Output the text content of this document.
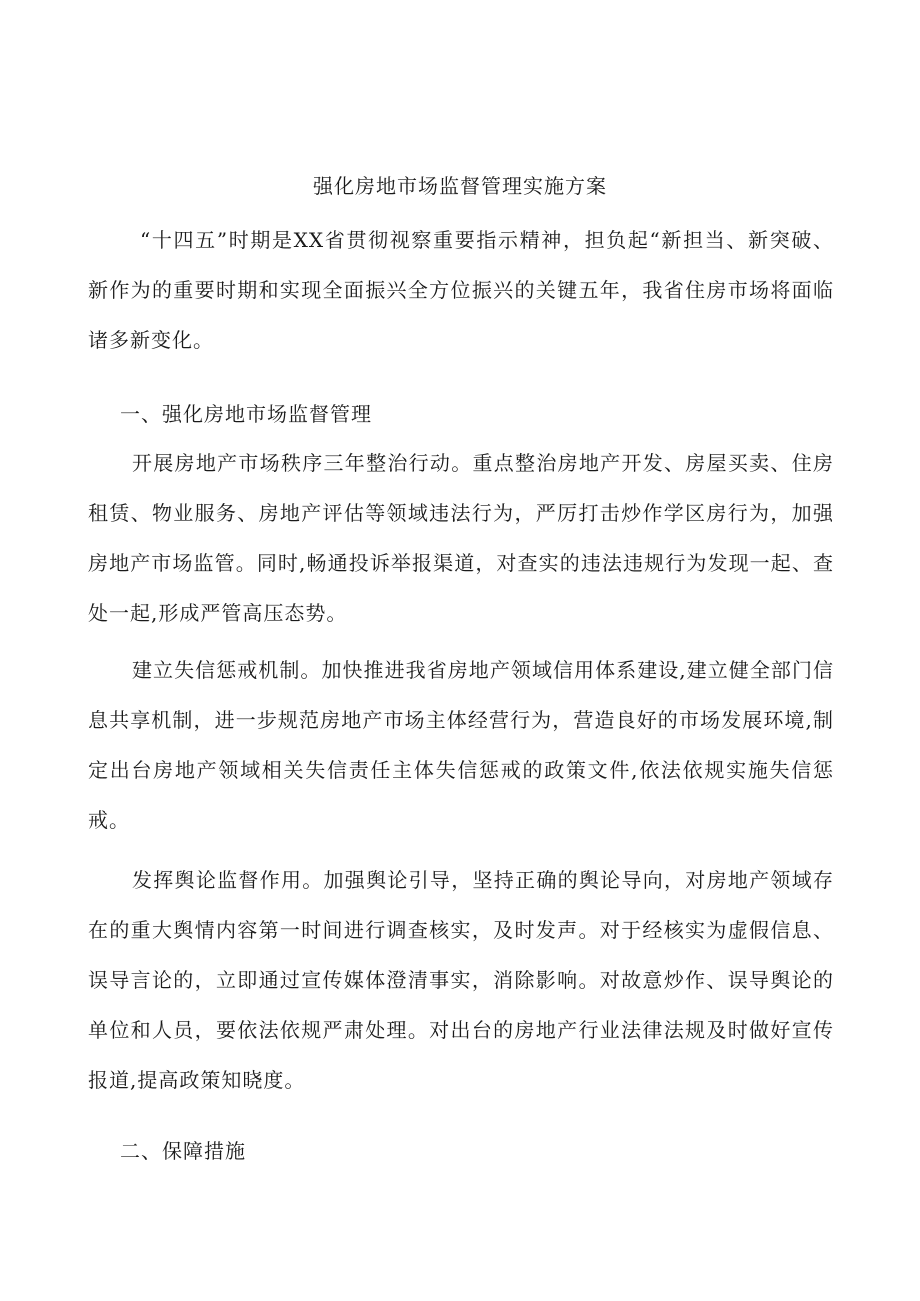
强化房地市场监督管理实施方案

“十四五”时期是XX省贯彻视察重要指示精神，担负起“新担当、新突破、新作为的重要时期和实现全面振兴全方位振兴的关键五年，我省住房市场将面临诸多新变化。

一、强化房地市场监督管理

开展房地产市场秩序三年整治行动。重点整治房地产开发、房屋买卖、住房租赁、物业服务、房地产评估等领域违法行为，严厉打击炒作学区房行为，加强房地产市场监管。同时,畅通投诉举报渠道，对查实的违法违规行为发现一起、查处一起,形成严管高压态势。

建立失信惩戒机制。加快推进我省房地产领域信用体系建设,建立健全部门信息共享机制，进一步规范房地产市场主体经营行为，营造良好的市场发展环境,制定出台房地产领域相关失信责任主体失信惩戒的政策文件,依法依规实施失信惩戒。

发挥舆论监督作用。加强舆论引导，坚持正确的舆论导向，对房地产领域存在的重大舆情内容第一时间进行调查核实，及时发声。对于经核实为虚假信息、误导言论的，立即通过宣传媒体澄清事实，消除影响。对故意炒作、误导舆论的单位和人员，要依法依规严肃处理。对出台的房地产行业法律法规及时做好宣传报道,提高政策知晓度。

二、保障措施
